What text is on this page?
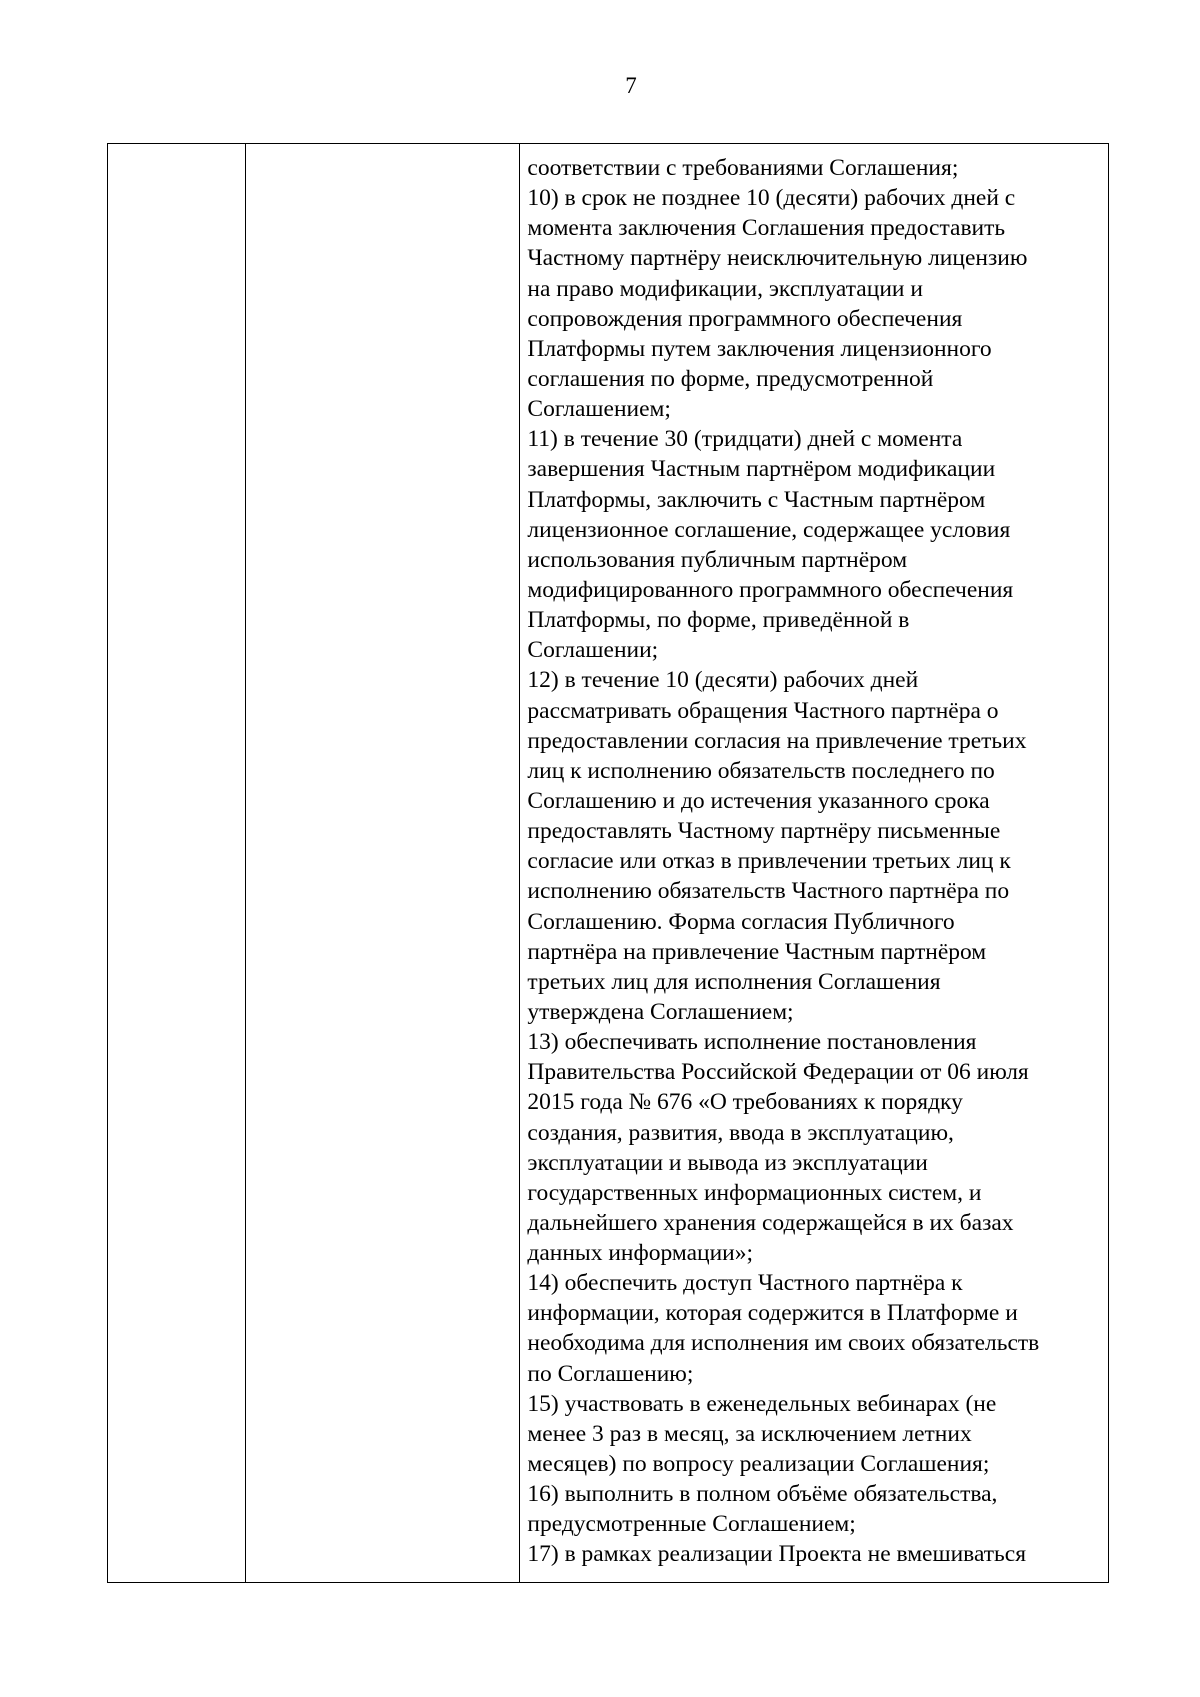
7

соответствии с требованиями Соглашения;
10) в срок не позднее 10 (десяти) рабочих дней с
момента заключения Соглашения предоставить
Частному партнёру неисключительную лицензию
на право модификации, эксплуатации и
сопровождения программного обеспечения
Платформы путем заключения лицензионного
соглашения по форме, предусмотренной
Соглашением;
11) в течение 30 (тридцати) дней с момента
завершения Частным партнёром модификации
Платформы, заключить с Частным партнёром
лицензионное соглашение, содержащее условия
использования публичным партнёром
модифицированного программного обеспечения
Платформы, по форме, приведённой в
Соглашении;
12) в течение 10 (десяти) рабочих дней
рассматривать обращения Частного партнёра о
предоставлении согласия на привлечение третьих
лиц к исполнению обязательств последнего по
Соглашению и до истечения указанного срока
предоставлять Частному партнёру письменные
согласие или отказ в привлечении третьих лиц к
исполнению обязательств Частного партнёра по
Соглашению. Форма согласия Публичного
партнёра на привлечение Частным партнёром
третьих лиц для исполнения Соглашения
утверждена Соглашением;
13) обеспечивать исполнение постановления
Правительства Российской Федерации от 06 июля
2015 года № 676 «О требованиях к порядку
создания, развития, ввода в эксплуатацию,
эксплуатации и вывода из эксплуатации
государственных информационных систем, и
дальнейшего хранения содержащейся в их базах
данных информации»;
14) обеспечить доступ Частного партнёра к
информации, которая содержится в Платформе и
необходима для исполнения им своих обязательств
по Соглашению;
15) участвовать в еженедельных вебинарах (не
менее 3 раз в месяц, за исключением летних
месяцев) по вопросу реализации Соглашения;
16) выполнить в полном объёме обязательства,
предусмотренные Соглашением;
17) в рамках реализации Проекта не вмешиваться
